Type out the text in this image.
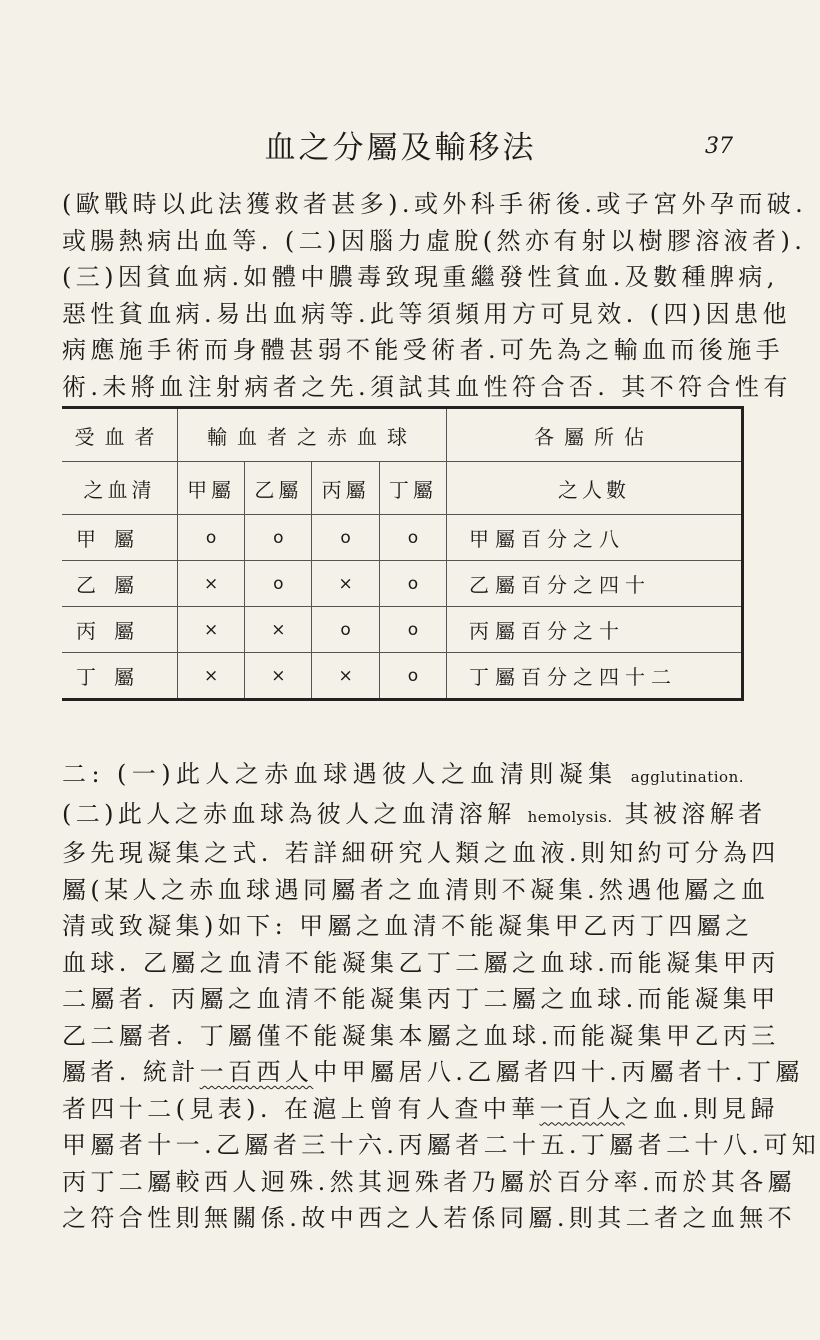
血之分屬及輸移法	37

(歐戰時以此法獲救者甚多).或外科手術後.或子宮外孕而破.

或腸熱病出血等. (二)因腦力虛脫(然亦有射以樹膠溶液者).

(三)因貧血病.如體中膿毒致現重繼發性貧血.及數種脾病,

惡性貧血病.易出血病等.此等須頻用方可見效. (四)因患他

病應施手術而身體甚弱不能受術者.可先為之輸血而後施手

術.未將血注射病者之先.須試其血性符合否. 其不符合性有

受血者	輸血者之赤血球				各屬所佔
之血清	甲屬	乙屬	丙屬	丁屬	之人數
甲屬	o	o	o	o	甲屬百分之八
乙屬	×	o	×	o	乙屬百分之四十
丙屬	×	×	o	o	丙屬百分之十
丁屬	×	×	×	o	丁屬百分之四十二

二: (一)此人之赤血球遇彼人之血清則凝集 agglutination.

(二)此人之赤血球為彼人之血清溶解 hemolysis. 其被溶解者

多先現凝集之式. 若詳細研究人類之血液.則知約可分為四

屬(某人之赤血球遇同屬者之血清則不凝集.然遇他屬之血

清或致凝集)如下: 甲屬之血清不能凝集甲乙丙丁四屬之

血球. 乙屬之血清不能凝集乙丁二屬之血球.而能凝集甲丙

二屬者. 丙屬之血清不能凝集丙丁二屬之血球.而能凝集甲

乙二屬者. 丁屬僅不能凝集本屬之血球.而能凝集甲乙丙三

屬者. 統計一百西人中甲屬居八.乙屬者四十.丙屬者十.丁屬

者四十二(見表). 在滬上曾有人查中華一百人之血.則見歸

甲屬者十一.乙屬者三十六.丙屬者二十五.丁屬者二十八.可知

丙丁二屬較西人迥殊.然其迥殊者乃屬於百分率.而於其各屬

之符合性則無關係.故中西之人若係同屬.則其二者之血無不
